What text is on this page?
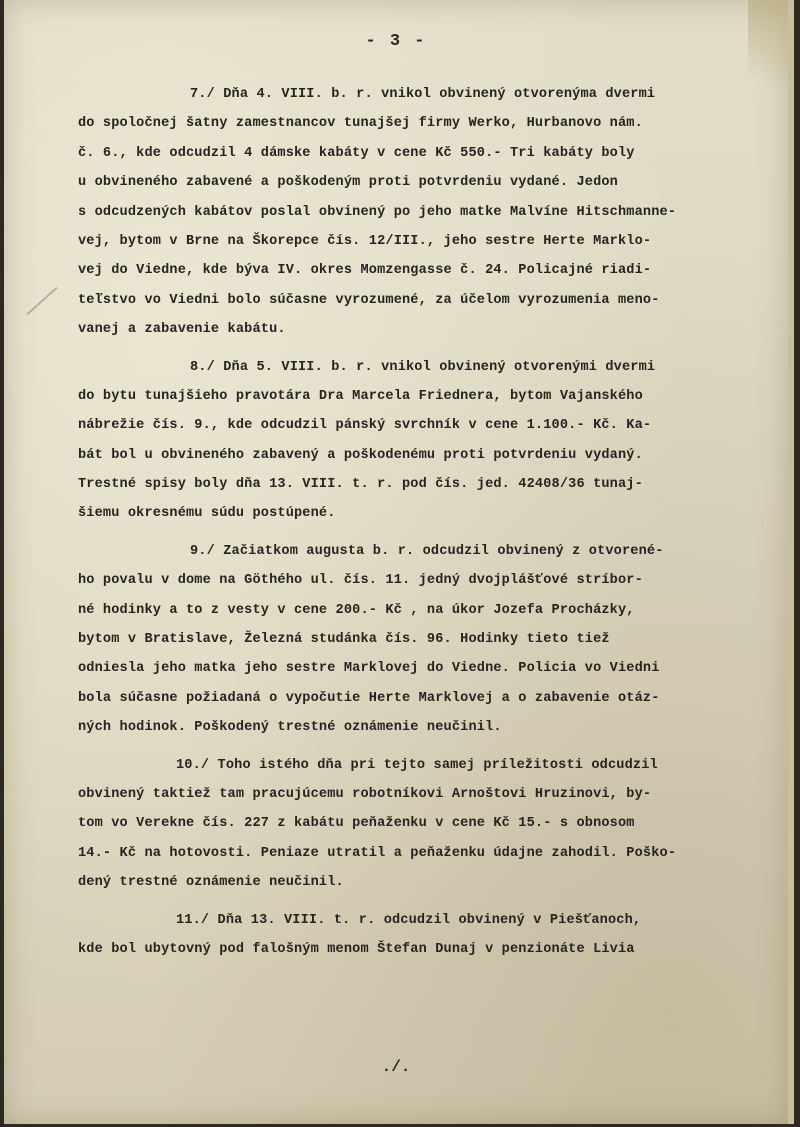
- 3 -
7./ Dňa 4. VIII. b. r. vnikol obvinený otvorenýma dvermi
do spoločnej šatny zamestnancov tunajšej firmy Werko, Hurbanovo nám.
č. 6., kde odcudzil 4 dámske kabáty v cene Kč 550.- Tri kabáty boly
u obvineného zabavené a poškodeným proti potvrdeniu vydané. Jedon
s odcudzených kabátov poslal obvinený po jeho matke Malvíne Hitschmanne-
vej, bytom v Brne na Škorepce čís. 12/III., jeho sestre Herte Marklo-
vej do Viedne, kde býva IV. okres Momzengasse č. 24. Policajné riadi-
teľstvo vo Viedni bolo súčasne vyrozumené, za účelom vyrozumenia meno-
vanej a zabavenie kabátu.
8./ Dňa 5. VIII. b. r. vnikol obvinený otvorenými dvermi
do bytu tunajšieho pravotára Dra Marcela Friednera, bytom Vajanského
nábrežie čís. 9., kde odcudzil pánský svrchník v cene 1.100.- Kč. Ka-
bát bol u obvineného zabavený a poškodenému proti potvrdeniu vydaný.
Trestné spisy boly dňa 13. VIII. t. r. pod čís. jed. 42408/36 tunaj-
šiemu okresnému súdu postúpené.
9./ Začiatkom augusta b. r. odcudzil obvinený z otvorené-
ho povalu v dome na Göthého ul. čís. 11. jedný dvojplášťové stríbor-
né hodinky a to z vesty v cene 200.- Kč , na úkor Jozefa Procházky,
bytom v Bratislave, Železná studánka čís. 96. Hodinky tieto tiež
odniesla jeho matka jeho sestre Marklovej do Viedne. Policia vo Viedni
bola súčasne požiadaná o vypočutie Herte Marklovej a o zabavenie otáz-
ných hodinok. Poškodený trestné oznámenie neučinil.
10./ Toho istého dňa pri tejto samej príležitosti odcudzil
obvinený taktiež tam pracujúcemu robotníkovi Arnoštovi Hruzinovi, by-
tom vo Verekne čís. 227 z kabátu peňaženku v cene Kč 15.- s obnosom
14.- Kč na hotovosti. Peniaze utratil a peňaženku údajne zahodil. Poško-
dený trestné oznámenie neučinil.
11./ Dňa 13. VIII. t. r. odcudzil obvinený v Piešťanoch,
kde bol ubytovný pod falošným menom Štefan Dunaj v penzionáte Livia
./.
